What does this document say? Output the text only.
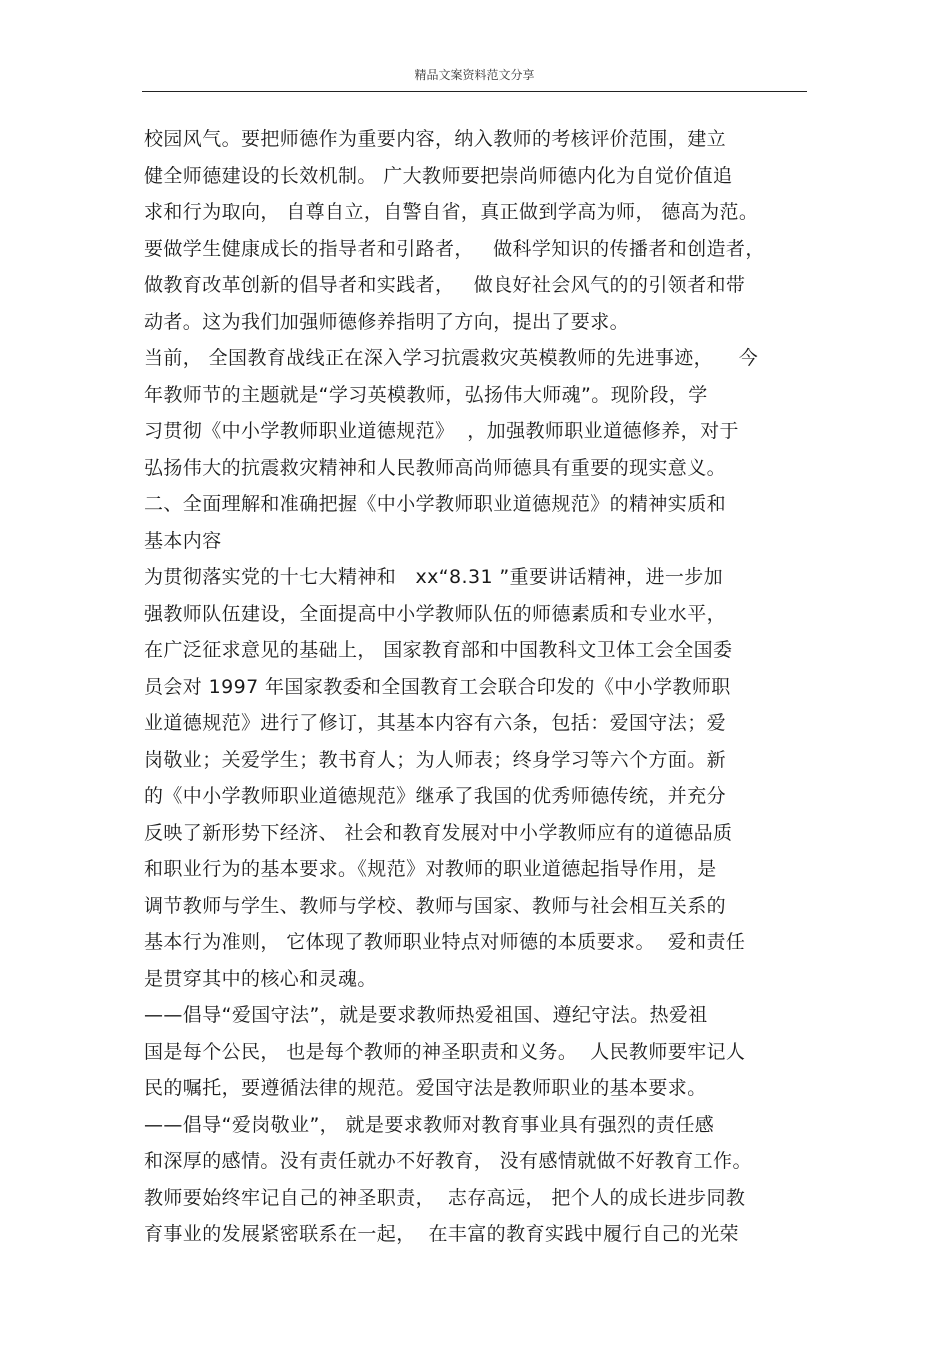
精品文案资料范文分享
校园风气。要把师德作为重要内容，纳入教师的考核评价范围，建立
健全师德建设的长效机制。 广大教师要把崇尚师德内化为自觉价值追
求和行为取向， 自尊自立，自警自省，真正做到学高为师， 德高为范。
要做学生健康成长的指导者和引路者，   做科学知识的传播者和创造者，
做教育改革创新的倡导者和实践者，   做良好社会风气的的引领者和带
动者。这为我们加强师德修养指明了方向，提出了要求。
当前， 全国教育战线正在深入学习抗震救灾英模教师的先进事迹，    今
年教师节的主题就是“学习英模教师，弘扬伟大师魂”。现阶段，学
习贯彻《中小学教师职业道德规范》  ，加强教师职业道德修养，对于
弘扬伟大的抗震救灾精神和人民教师高尚师德具有重要的现实意义。
二、全面理解和准确把握《中小学教师职业道德规范》的精神实质和
基本内容
为贯彻落实党的十七大精神和   xx“8.31 ”重要讲话精神，进一步加
强教师队伍建设，全面提高中小学教师队伍的师德素质和专业水平，
在广泛征求意见的基础上， 国家教育部和中国教科文卫体工会全国委
员会对 1997 年国家教委和全国教育工会联合印发的《中小学教师职
业道德规范》进行了修订，其基本内容有六条，包括：爱国守法；爱
岗敬业；关爱学生；教书育人；为人师表；终身学习等六个方面。新
的《中小学教师职业道德规范》继承了我国的优秀师德传统，并充分
反映了新形势下经济、 社会和教育发展对中小学教师应有的道德品质
和职业行为的基本要求。《规范》对教师的职业道德起指导作用，是
调节教师与学生、教师与学校、教师与国家、教师与社会相互关系的
基本行为准则， 它体现了教师职业特点对师德的本质要求。  爱和责任
是贯穿其中的核心和灵魂。
——倡导“爱国守法”，就是要求教师热爱祖国、遵纪守法。热爱祖
国是每个公民， 也是每个教师的神圣职责和义务。  人民教师要牢记人
民的嘱托，要遵循法律的规范。爱国守法是教师职业的基本要求。
——倡导“爱岗敬业”， 就是要求教师对教育事业具有强烈的责任感
和深厚的感情。没有责任就办不好教育， 没有感情就做不好教育工作。
教师要始终牢记自己的神圣职责，  志存高远， 把个人的成长进步同教
育事业的发展紧密联系在一起，  在丰富的教育实践中履行自己的光荣
